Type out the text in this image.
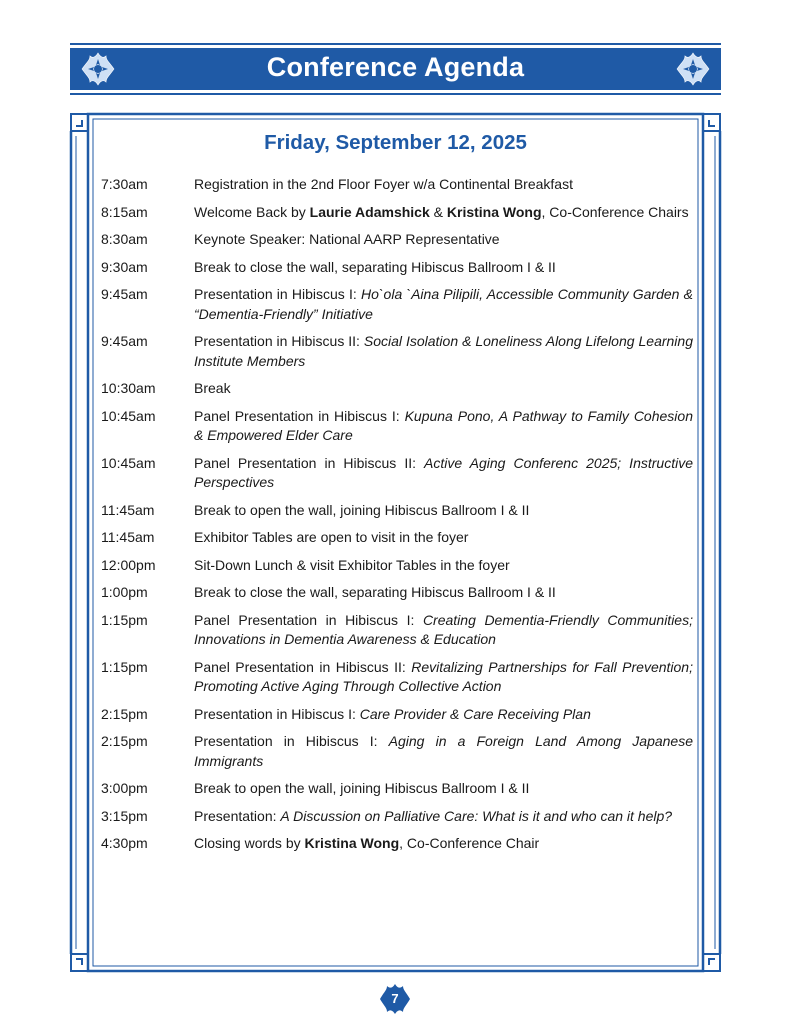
Conference Agenda
Friday, September 12, 2025
7:30am	Registration in the 2nd Floor Foyer w/a Continental Breakfast
8:15am	Welcome Back by Laurie Adamshick & Kristina Wong, Co-Conference Chairs
8:30am	Keynote Speaker: National AARP Representative
9:30am	Break to close the wall, separating Hibiscus Ballroom I & II
9:45am	Presentation in Hibiscus I: Ho`ola `Aina Pilipili, Accessible Community Garden & “Dementia-Friendly” Initiative
9:45am	Presentation in Hibiscus II: Social Isolation & Loneliness Along Lifelong Learning Institute Members
10:30am	Break
10:45am	Panel Presentation in Hibiscus I: Kupuna Pono, A Pathway to Family Cohesion & Empowered Elder Care
10:45am	Panel Presentation in Hibiscus II: Active Aging Conferenc 2025; Instructive Perspectives
11:45am	Break to open the wall, joining Hibiscus Ballroom I & II
11:45am	Exhibitor Tables are open to visit in the foyer
12:00pm	Sit-Down Lunch & visit Exhibitor Tables in the foyer
1:00pm	Break to close the wall, separating Hibiscus Ballroom I & II
1:15pm	Panel Presentation in Hibiscus I: Creating Dementia-Friendly Communities; Innovations in Dementia Awareness & Education
1:15pm	Panel Presentation in Hibiscus II: Revitalizing Partnerships for Fall Prevention; Promoting Active Aging Through Collective Action
2:15pm	Presentation in Hibiscus I: Care Provider & Care Receiving Plan
2:15pm	Presentation in Hibiscus I: Aging in a Foreign Land Among Japanese Immigrants
3:00pm	Break to open the wall, joining Hibiscus Ballroom I & II
3:15pm	Presentation: A Discussion on Palliative Care: What is it and who can it help?
4:30pm	Closing words by Kristina Wong, Co-Conference Chair
7
